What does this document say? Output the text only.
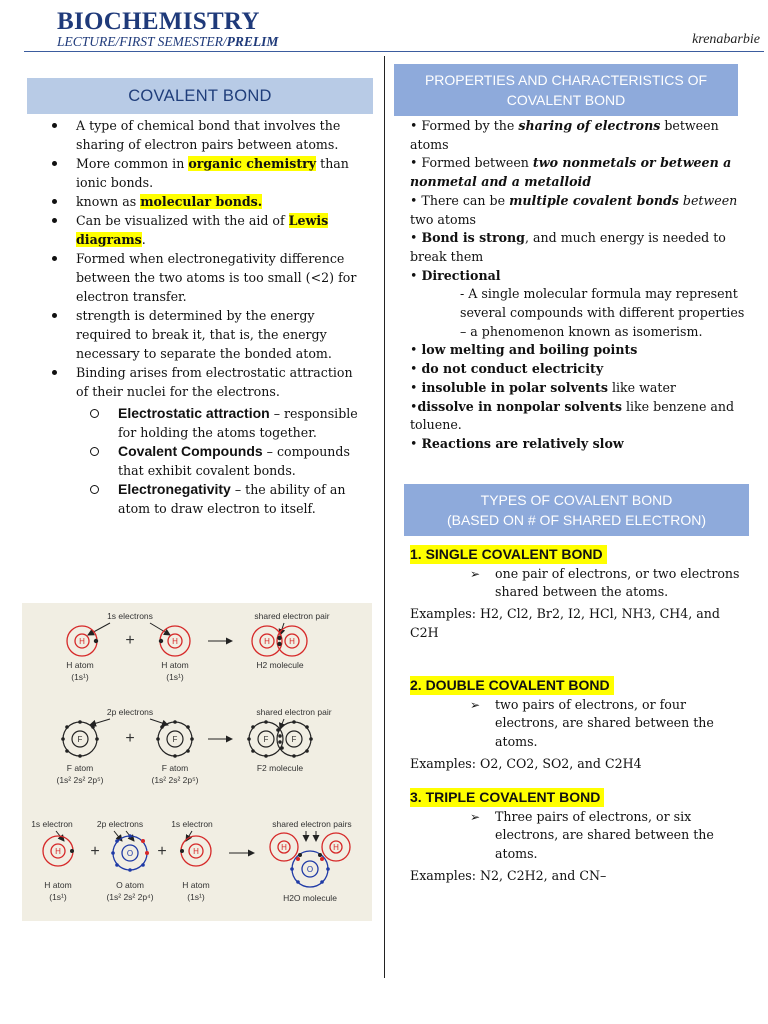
BIOCHEMISTRY
LECTURE/FIRST SEMESTER/PRELIM	krenabarbie
COVALENT BOND
A type of chemical bond that involves the sharing of electron pairs between atoms.
More common in organic chemistry than ionic bonds.
known as molecular bonds.
Can be visualized with the aid of Lewis diagrams.
Formed when electronegativity difference between the two atoms is too small (<2) for electron transfer.
strength is determined by the energy required to break it, that is, the energy necessary to separate the bonded atom.
Binding arises from electrostatic attraction of their nuclei for the electrons.
Electrostatic attraction – responsible for holding the atoms together.
Covalent Compounds – compounds that exhibit covalent bonds.
Electronegativity – the ability of an atom to draw electron to itself.
1s electrons
H	+	H
shared electron pair
H H
H atom
(1s¹)
H atom
(1s¹)
H2 molecule
2p electrons
F	F	F	F
+
shared electron pair
F atom
(1s² 2s² 2p⁵)
F atom
(1s² 2s² 2p⁵)
F2 molecule
1s electron	2p electrons	1s electron	shared electron pairs
H +	O +	H	H	H
O
H atom
(1s¹)
O atom
(1s² 2s² 2p⁴)
H atom
(1s¹)	H2O molecule
PROPERTIES AND CHARACTERISTICS OF
COVALENT BOND
• Formed by the sharing of electrons between atoms
• Formed between two nonmetals or between a nonmetal and a metalloid
• There can be multiple covalent bonds between two atoms
• Bond is strong, and much energy is needed to break them
• Directional
- A single molecular formula may represent several compounds with different properties – a phenomenon known as isomerism.
• low melting and boiling points
• do not conduct electricity
• insoluble in polar solvents like water
•dissolve in nonpolar solvents like benzene and toluene.
• Reactions are relatively slow
TYPES OF COVALENT BOND
(BASED ON # OF SHARED ELECTRON)
1. SINGLE COVALENT BOND
➢ one pair of electrons, or two electrons shared between the atoms.
Examples: H2, Cl2, Br2, I2, HCl, NH3, CH4, and C2H
2. DOUBLE COVALENT BOND
➢ two pairs of electrons, or four electrons, are shared between the atoms.
Examples: O2, CO2, SO2, and C2H4
3. TRIPLE COVALENT BOND
➢ Three pairs of electrons, or six electrons, are shared between the atoms.
Examples: N2, C2H2, and CN–
